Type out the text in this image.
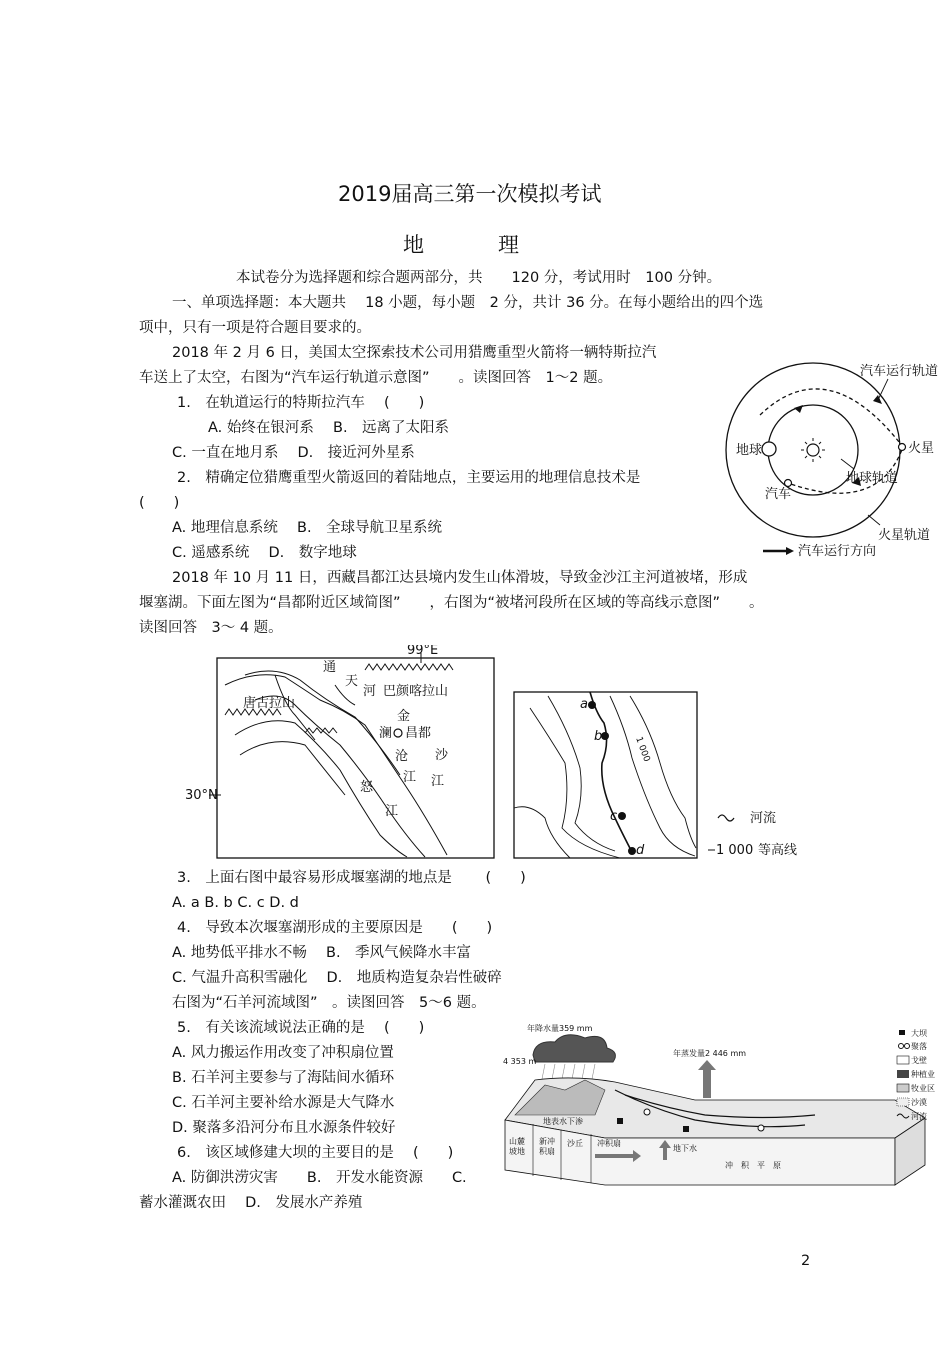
2019届高三第一次模拟考试
地	理
本试卷分为选择题和综合题两部分，共　　120 分，考试用时　100 分钟。
一、单项选择题：本大题共　 18 小题，每小题　2 分，共计 36 分。在每小题给出的四个选
项中，只有一项是符合题目要求的。
2018 年 2 月 6 日，美国太空探索技术公司用猎鹰重型火箭将一辆特斯拉汽
车送上了太空，右图为“汽车运行轨道示意图”　　。读图回答　1～2 题。
1.　在轨道运行的特斯拉汽车　 (　　)
A. 始终在银河系　 B.　远离了太阳系
C. 一直在地月系　 D.　接近河外星系
2.　精确定位猎鹰重型火箭返回的着陆地点，主要运用的地理信息技术是
(　　)
A. 地理信息系统　 B.　全球导航卫星系统
C. 遥感系统　 D.　数字地球
汽车运行轨道
地球	火星
地球轨道
汽车
火星轨道
汽车运行方向
2018 年 10 月 11 日，西藏昌都江达县境内发生山体滑坡，导致金沙江主河道被堵，形成
堰塞湖。下面左图为“昌都附近区域简图”　　，右图为“被堵河段所在区域的等高线示意图”　　。
读图回答　3～ 4 题。
99°E
30°N
通
天
河 巴颜喀拉山
唐古拉山
金
澜 昌都
沧 沙
江 江
怒
江
a
b
c
d
1 000
河流
1 000 等高线
3.　上面右图中最容易形成堰塞湖的地点是　　 (　　)
A. a B. b C. c D. d
4.　导致本次堰塞湖形成的主要原因是　　(　　)
A. 地势低平排水不畅　 B.　季风气候降水丰富
C. 气温升高积雪融化　 D.　地质构造复杂岩性破碎
右图为“石羊河流域图”　。读图回答　5～6 题。
5.　有关该流域说法正确的是　 (　　)
A. 风力搬运作用改变了冲积扇位置
B. 石羊河主要参与了海陆间水循环
C. 石羊河主要补给水源是大气降水
D. 聚落多沿河分布且水源条件较好
6.　该区域修建大坝的主要目的是　 (　　)
A. 防御洪涝灾害　　B.　开发水能资源　　C.
蓄水灌溉农田　 D.　发展水产养殖
年降水量359 mm
4 353 m
年蒸发量2 446 mm
地表水下渗
山麓
坡地
新冲
积扇
沙丘 冲积扇
地下水
冲　积　平　原
大坝
聚落
戈壁
种植业
牧业区
沙漠
河流
2
